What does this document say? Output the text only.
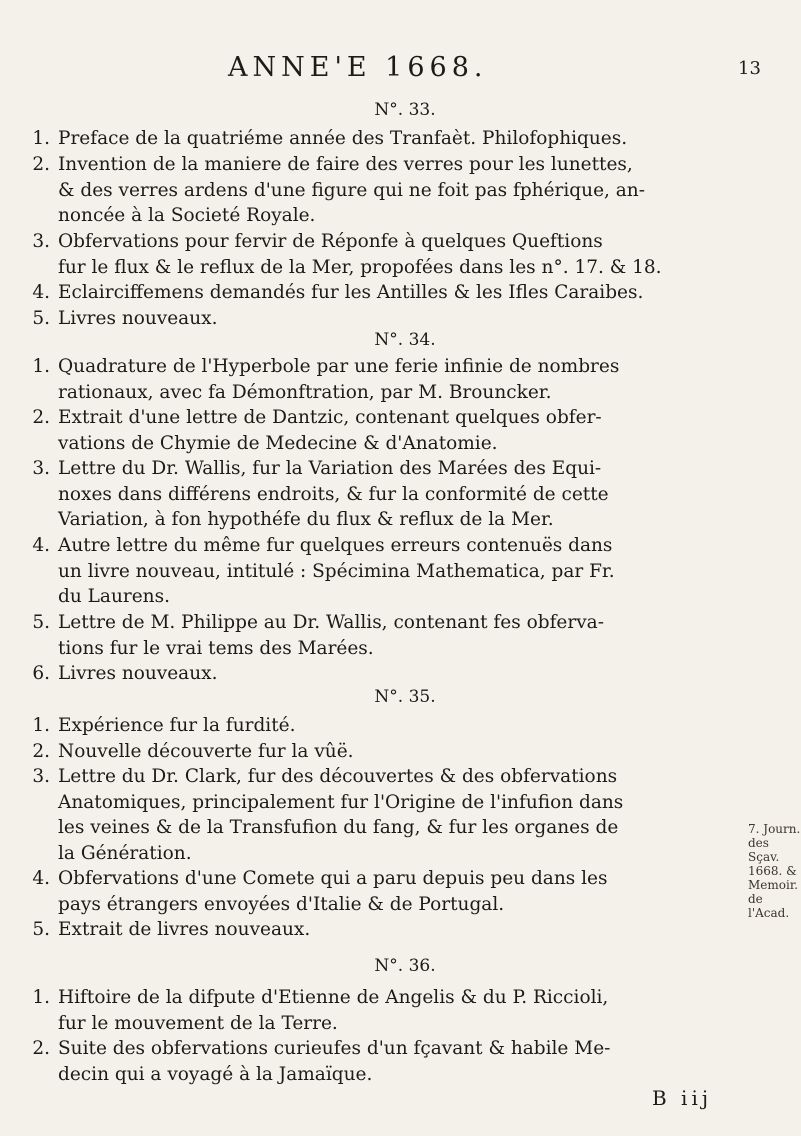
ANNE'E 1668.	13
N°. 33.
1. Preface de la quatriéme année des Tranfaѐt. Philofophiques.
2. Invention de la maniere de faire des verres pour les lunettes,
& des verres ardens d'une figure qui ne foit pas fphérique, an-
noncée à la Societé Royale.
3. Obfervations pour fervir de Réponfe à quelques Queftions
fur le flux & le reflux de la Mer, propofées dans les n°. 17. & 18.
4. Eclairciffemens demandés fur les Antilles & les Ifles Caraibes.
5. Livres nouveaux.
N°. 34.
1. Quadrature de l'Hyperbole par une ferie infinie de nombres
rationaux, avec fa Démonftration, par M. Brouncker.
2. Extrait d'une lettre de Dantzic, contenant quelques obfer-
vations de Chymie de Medecine & d'Anatomie.
3. Lettre du Dr. Wallis, fur la Variation des Marées des Equi-
noxes dans différens endroits, & fur la conformité de cette
Variation, à fon hypothéfe du flux & reflux de la Mer.
4. Autre lettre du même fur quelques erreurs contenuës dans
un livre nouveau, intitulé : Spécimina Mathematica, par Fr.
du Laurens.
5. Lettre de M. Philippe au Dr. Wallis, contenant fes obferva-
tions fur le vrai tems des Marées.
6. Livres nouveaux.
N°. 35.
1. Expérience fur la furdité.
2. Nouvelle découverte fur la vûë.
3. Lettre du Dr. Clark, fur des découvertes & des obfervations
Anatomiques, principalement fur l'Origine de l'infufion dans
les veines & de la Transfufion du fang, & fur les organes de
la Génération.
4. Obfervations d'une Comete qui a paru depuis peu dans les
pays étrangers envoyées d'Italie & de Portugal.
5. Extrait de livres nouveaux.
N°. 36.
1. Hiftoire de la difpute d'Etienne de Angelis & du P. Riccioli,
fur le mouvement de la Terre.
2. Suite des obfervations curieufes d'un fçavant & habile Me-
decin qui a voyagé à la Jamaïque.
7. Journ. des
Sçav. 1668. &
Memoir. de
l'Acad.
B iij
